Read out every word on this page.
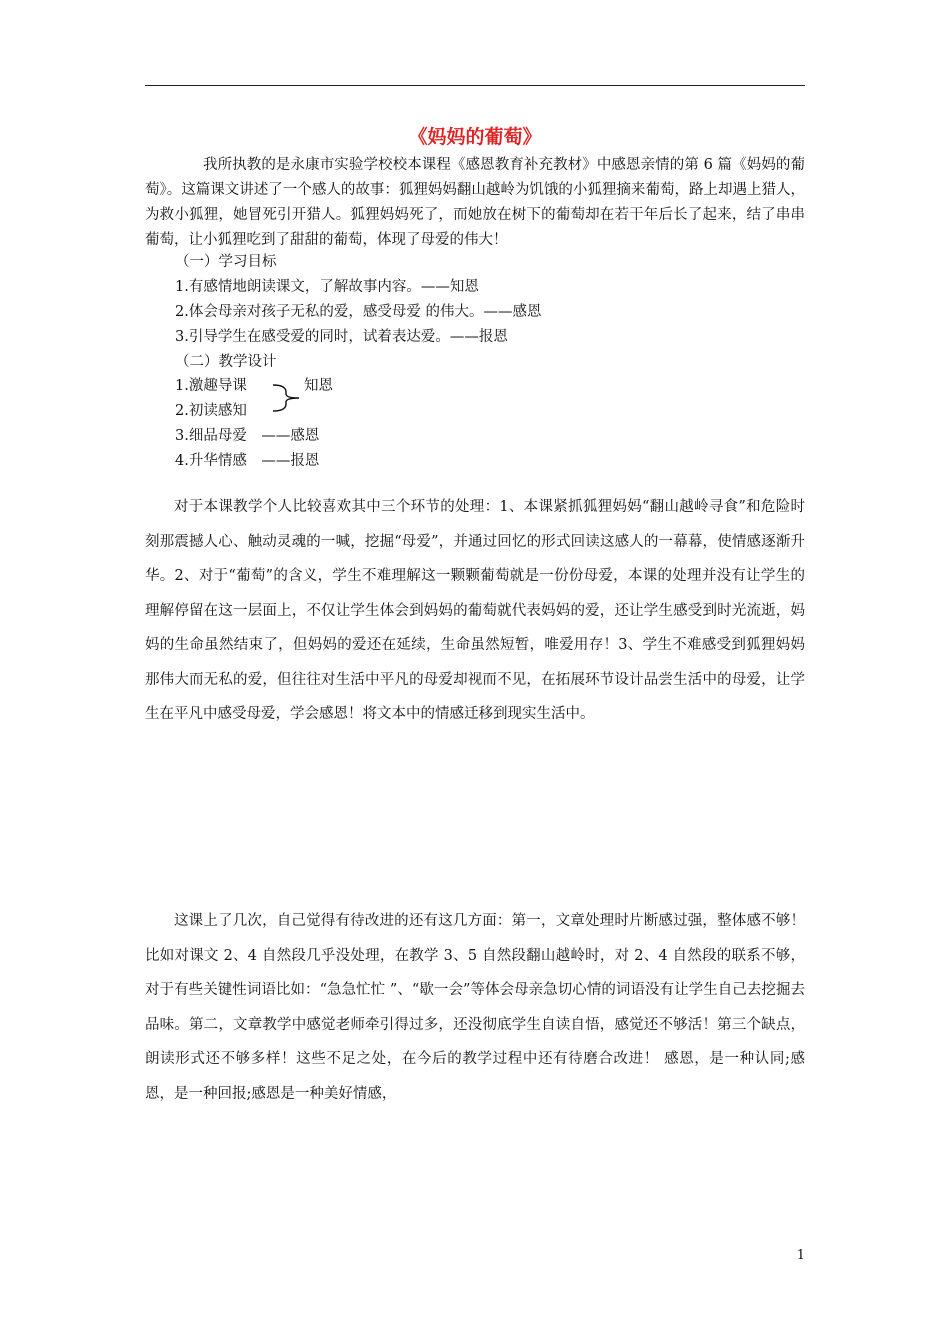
《妈妈的葡萄》

我所执教的是永康市实验学校校本课程《感恩教育补充教材》中感恩亲情的第 6 篇《妈妈的葡萄》。这篇课文讲述了一个感人的故事：狐狸妈妈翻山越岭为饥饿的小狐狸摘来葡萄，路上却遇上猎人，为救小狐狸，她冒死引开猎人。狐狸妈妈死了，而她放在树下的葡萄却在若干年后长了起来，结了串串葡萄，让小狐狸吃到了甜甜的葡萄，体现了母爱的伟大！

（一）学习目标
1.有感情地朗读课文，了解故事内容。——知恩
2.体会母亲对孩子无私的爱，感受母爱 的伟大。——感恩
3.引导学生在感受爱的同时，试着表达爱。——报恩
（二）教学设计
1.激趣导课
2.初读感知
3.细品母爱　——感恩
4.升华情感　——报恩
知恩

对于本课教学个人比较喜欢其中三个环节的处理：1、本课紧抓狐狸妈妈“翻山越岭寻食”和危险时刻那震撼人心、触动灵魂的一喊，挖掘“母爱”，并通过回忆的形式回读这感人的一幕幕，使情感逐渐升华。2、对于“葡萄”的含义，学生不难理解这一颗颗葡萄就是一份份母爱，本课的处理并没有让学生的理解停留在这一层面上，不仅让学生体会到妈妈的葡萄就代表妈妈的爱，还让学生感受到时光流逝，妈妈的生命虽然结束了，但妈妈的爱还在延续，生命虽然短暂，唯爱用存！3、学生不难感受到狐狸妈妈那伟大而无私的爱，但往往对生活中平凡的母爱却视而不见，在拓展环节设计品尝生活中的母爱，让学生在平凡中感受母爱，学会感恩！将文本中的情感迁移到现实生活中。

这课上了几次，自己觉得有待改进的还有这几方面：第一，文章处理时片断感过强，整体感不够！比如对课文 2、4 自然段几乎没处理，在教学 3、5 自然段翻山越岭时，对 2、4 自然段的联系不够，对于有些关键性词语比如：“急急忙忙 ”、“歇一会”等体会母亲急切心情的词语没有让学生自己去挖掘去品味。第二，文章教学中感觉老师牵引得过多，还没彻底学生自读自悟，感觉还不够活！第三个缺点，朗读形式还不够多样！这些不足之处，在今后的教学过程中还有待磨合改进！ 感恩，是一种认同;感恩，是一种回报;感恩是一种美好情感，

1
